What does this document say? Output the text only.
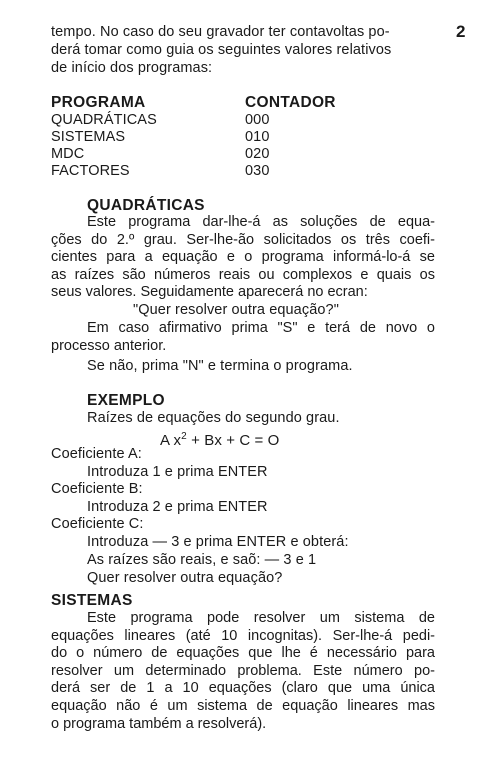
2
tempo. No caso do seu gravador ter contavoltas po-
derá tomar como guia os seguintes valores relativos
de início dos programas:
PROGRAMA	CONTADOR
QUADRÁTICAS	000
SISTEMAS	010
MDC	020
FACTORES	030
QUADRÁTICAS

Este programa dar-lhe-á as soluções de equa-

ções do 2.º grau. Ser-lhe-ão solicitados os três coefi-

cientes para a equação e o programa informá-lo-á se

as raízes são números reais ou complexos e quais os

seus valores. Seguidamente aparecerá no ecran:

"Quer resolver outra equação?"

Em caso afirmativo prima "S" e terá de novo o

processo anterior.

Se não, prima "N" e termina o programa.
EXEMPLO
Raízes de equações do segundo grau.
A $x^2 + Bx + C = O$
Coeficiente A:
Introduza 1 e prima ENTER
Coeficiente B:
Introduza 2 e prima ENTER
Coeficiente C:
Introduza — 3 e prima ENTER e obterá:
As raízes são reais, e saõ: — 3 e 1
Quer resolver outra equação?
SISTEMAS

Este programa pode resolver um sistema de

equações lineares (até 10 incognitas). Ser-lhe-á pedi-

do o número de equações que lhe é necessário para

resolver um determinado problema. Este número po-

derá ser de 1 a 10 equações (claro que uma única

equação não é um sistema de equação lineares mas

o programa também a resolverá).
